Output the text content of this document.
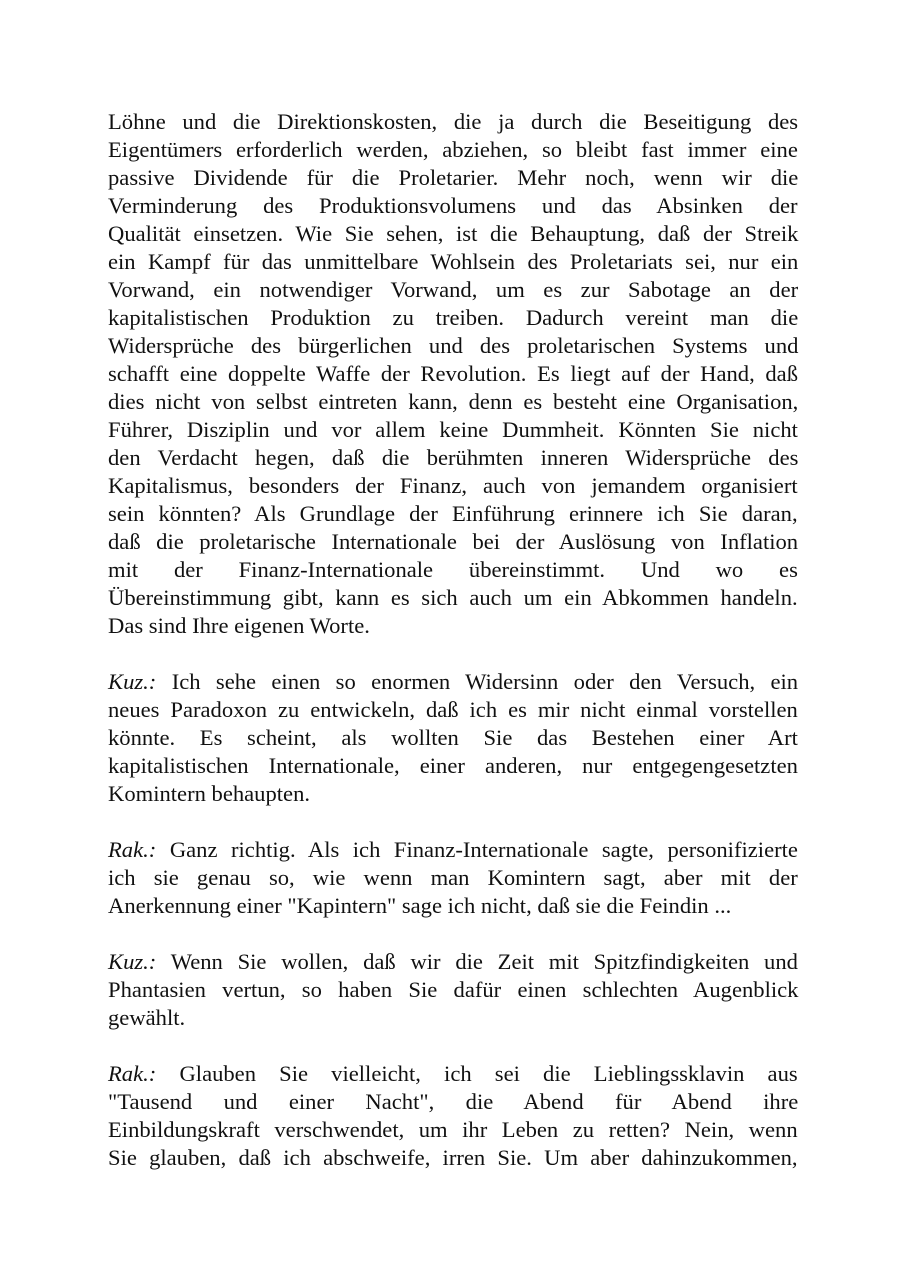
Löhne und die Direktionskosten, die ja durch die Beseitigung des
Eigentümers erforderlich werden, abziehen, so bleibt fast immer eine
passive Dividende für die Proletarier. Mehr noch, wenn wir die
Verminderung des Produktionsvolumens und das Absinken der
Qualität einsetzen. Wie Sie sehen, ist die Behauptung, daß der Streik
ein Kampf für das unmittelbare Wohlsein des Proletariats sei, nur ein
Vorwand, ein notwendiger Vorwand, um es zur Sabotage an der
kapitalistischen Produktion zu treiben. Dadurch vereint man die
Widersprüche des bürgerlichen und des proletarischen Systems und
schafft eine doppelte Waffe der Revolution. Es liegt auf der Hand, daß
dies nicht von selbst eintreten kann, denn es besteht eine Organisation,
Führer, Disziplin und vor allem keine Dummheit. Könnten Sie nicht
den Verdacht hegen, daß die berühmten inneren Widersprüche des
Kapitalismus, besonders der Finanz, auch von jemandem organisiert
sein könnten? Als Grundlage der Einführung erinnere ich Sie daran,
daß die proletarische Internationale bei der Auslösung von Inflation
mit der Finanz-Internationale übereinstimmt. Und wo es
Übereinstimmung gibt, kann es sich auch um ein Abkommen handeln.
Das sind Ihre eigenen Worte.
Kuz.: Ich sehe einen so enormen Widersinn oder den Versuch, ein
neues Paradoxon zu entwickeln, daß ich es mir nicht einmal vorstellen
könnte. Es scheint, als wollten Sie das Bestehen einer Art
kapitalistischen Internationale, einer anderen, nur entgegengesetzten
Komintern behaupten.
Rak.: Ganz richtig. Als ich Finanz-Internationale sagte, personifizierte
ich sie genau so, wie wenn man Komintern sagt, aber mit der
Anerkennung einer "Kapintern" sage ich nicht, daß sie die Feindin ...
Kuz.: Wenn Sie wollen, daß wir die Zeit mit Spitzfindigkeiten und
Phantasien vertun, so haben Sie dafür einen schlechten Augenblick
gewählt.
Rak.: Glauben Sie vielleicht, ich sei die Lieblingssklavin aus
"Tausend und einer Nacht", die Abend für Abend ihre
Einbildungskraft verschwendet, um ihr Leben zu retten? Nein, wenn
Sie glauben, daß ich abschweife, irren Sie. Um aber dahinzukommen,
